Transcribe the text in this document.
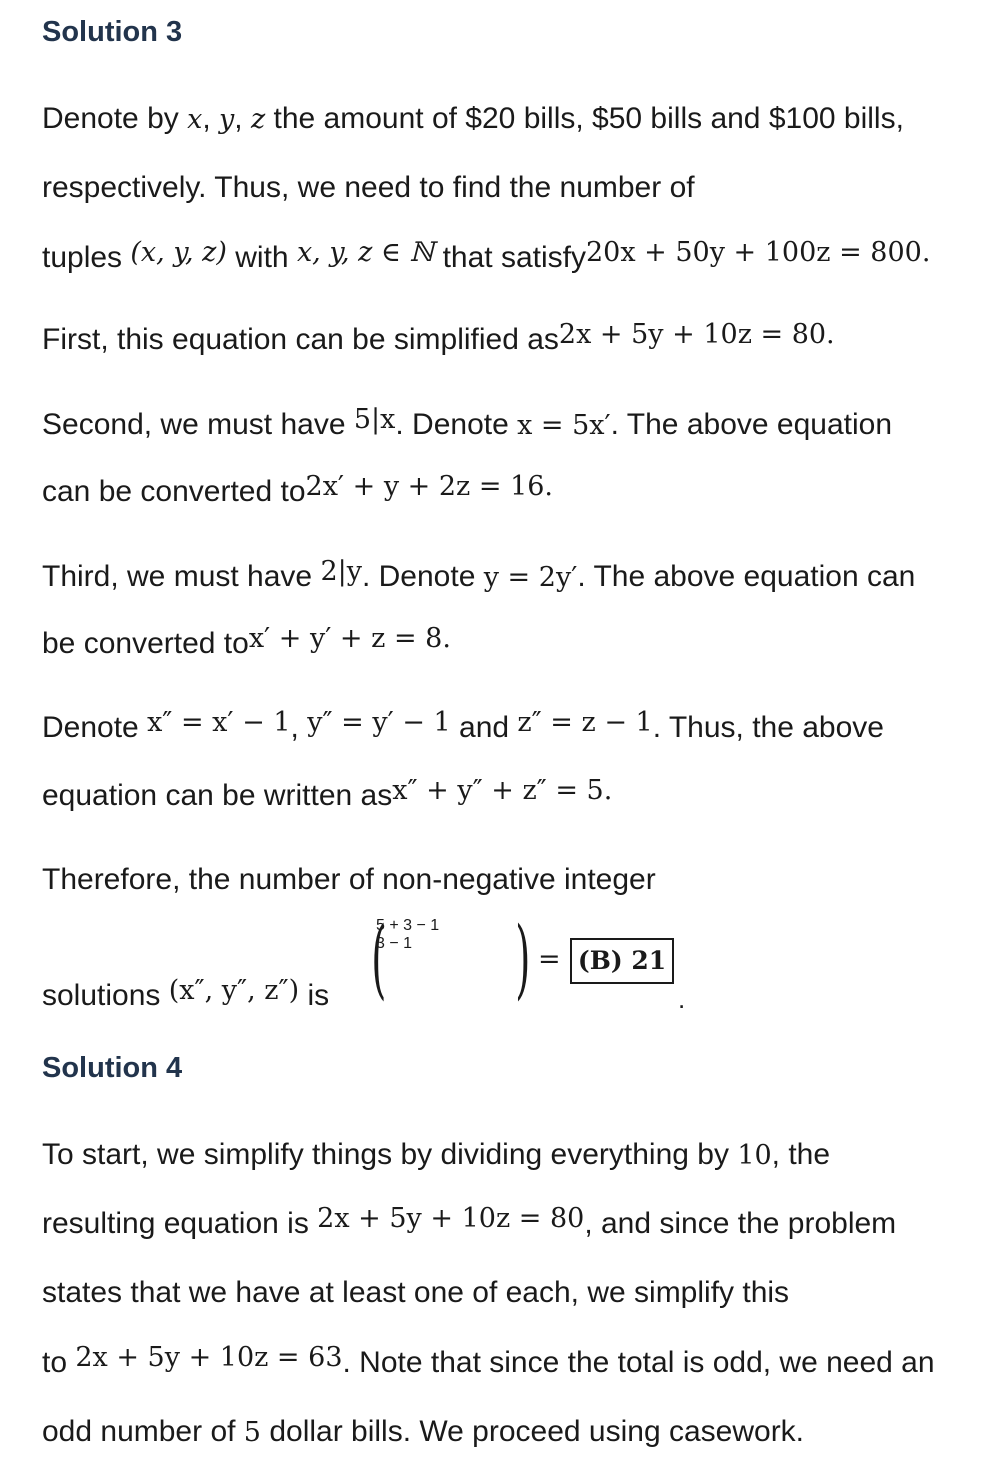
Solution 3
Denote by x, y, z the amount of $20 bills, $50 bills and $100 bills,
respectively. Thus, we need to find the number of
tuples (x, y, z) with x, y, z ∈ ℕ that satisfy20x + 50y + 100z = 800.
First, this equation can be simplified as2x + 5y + 10z = 80.
Second, we must have 5|x. Denote x = 5x′. The above equation
can be converted to2x′ + y + 2z = 16.
Third, we must have 2|y. Denote y = 2y′. The above equation can
be converted tox′ + y′ + z = 8.
Denote x″ = x′ − 1, y″ = y′ − 1 and z″ = z − 1. Thus, the above
equation can be written asx″ + y″ + z″ = 5.
Therefore, the number of non-negative integer
solutions (x″, y″, z″) is (
5 + 3 − 1
3 − 1	) = (B) 21
.
Solution 4
To start, we simplify things by dividing everything by 10, the
resulting equation is 2x + 5y + 10z = 80, and since the problem
states that we have at least one of each, we simplify this
to 2x + 5y + 10z = 63. Note that since the total is odd, we need an
odd number of 5 dollar bills. We proceed using casework.
